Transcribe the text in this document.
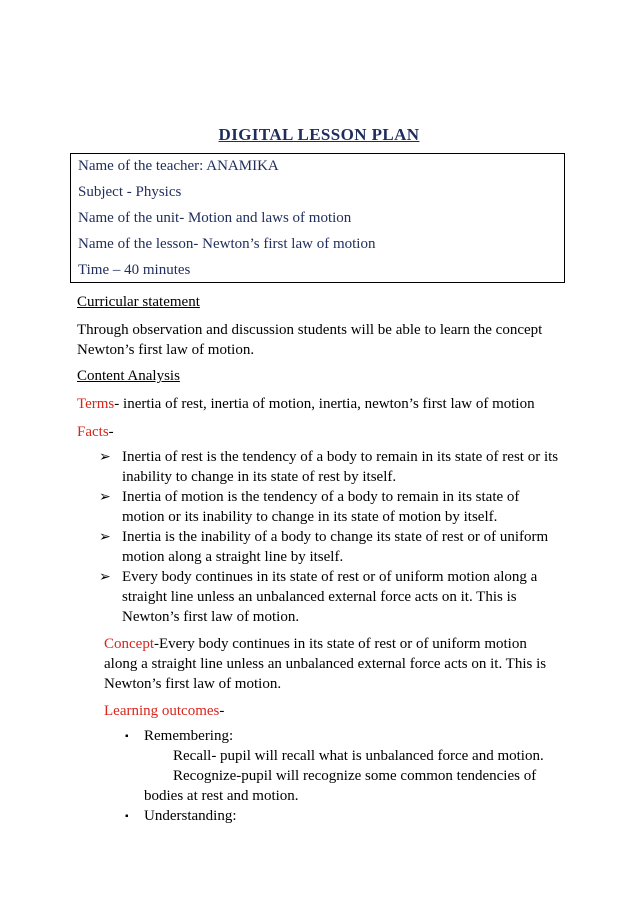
DIGITAL LESSON PLAN
Name of the teacher: ANAMIKA
Subject - Physics
Name of the unit- Motion and laws of motion
Name of the lesson- Newton’s first law of motion
Time – 40 minutes
Curricular statement
Through observation and discussion students will be able to learn the concept
Newton’s first law of motion.
Content Analysis
Terms- inertia of rest, inertia of motion, inertia, newton’s first law of motion
Facts-
➢ Inertia of rest is the tendency of a body to remain in its state of rest or its
inability to change in its state of rest by itself.
➢ Inertia of motion is the tendency of a body to remain in its state of
motion or its inability to change in its state of motion by itself.
➢ Inertia is the inability of a body to change its state of rest or of uniform
motion along a straight line by itself.
➢ Every body continues in its state of rest or of uniform motion along a
straight line unless an unbalanced external force acts on it. This is
Newton’s first law of motion.
Concept-Every body continues in its state of rest or of uniform motion
along a straight line unless an unbalanced external force acts on it. This is
Newton’s first law of motion.
Learning outcomes-
▪ Remembering:
Recall- pupil will recall what is unbalanced force and motion.
Recognize-pupil will recognize some common tendencies of
bodies at rest and motion.
▪ Understanding:
